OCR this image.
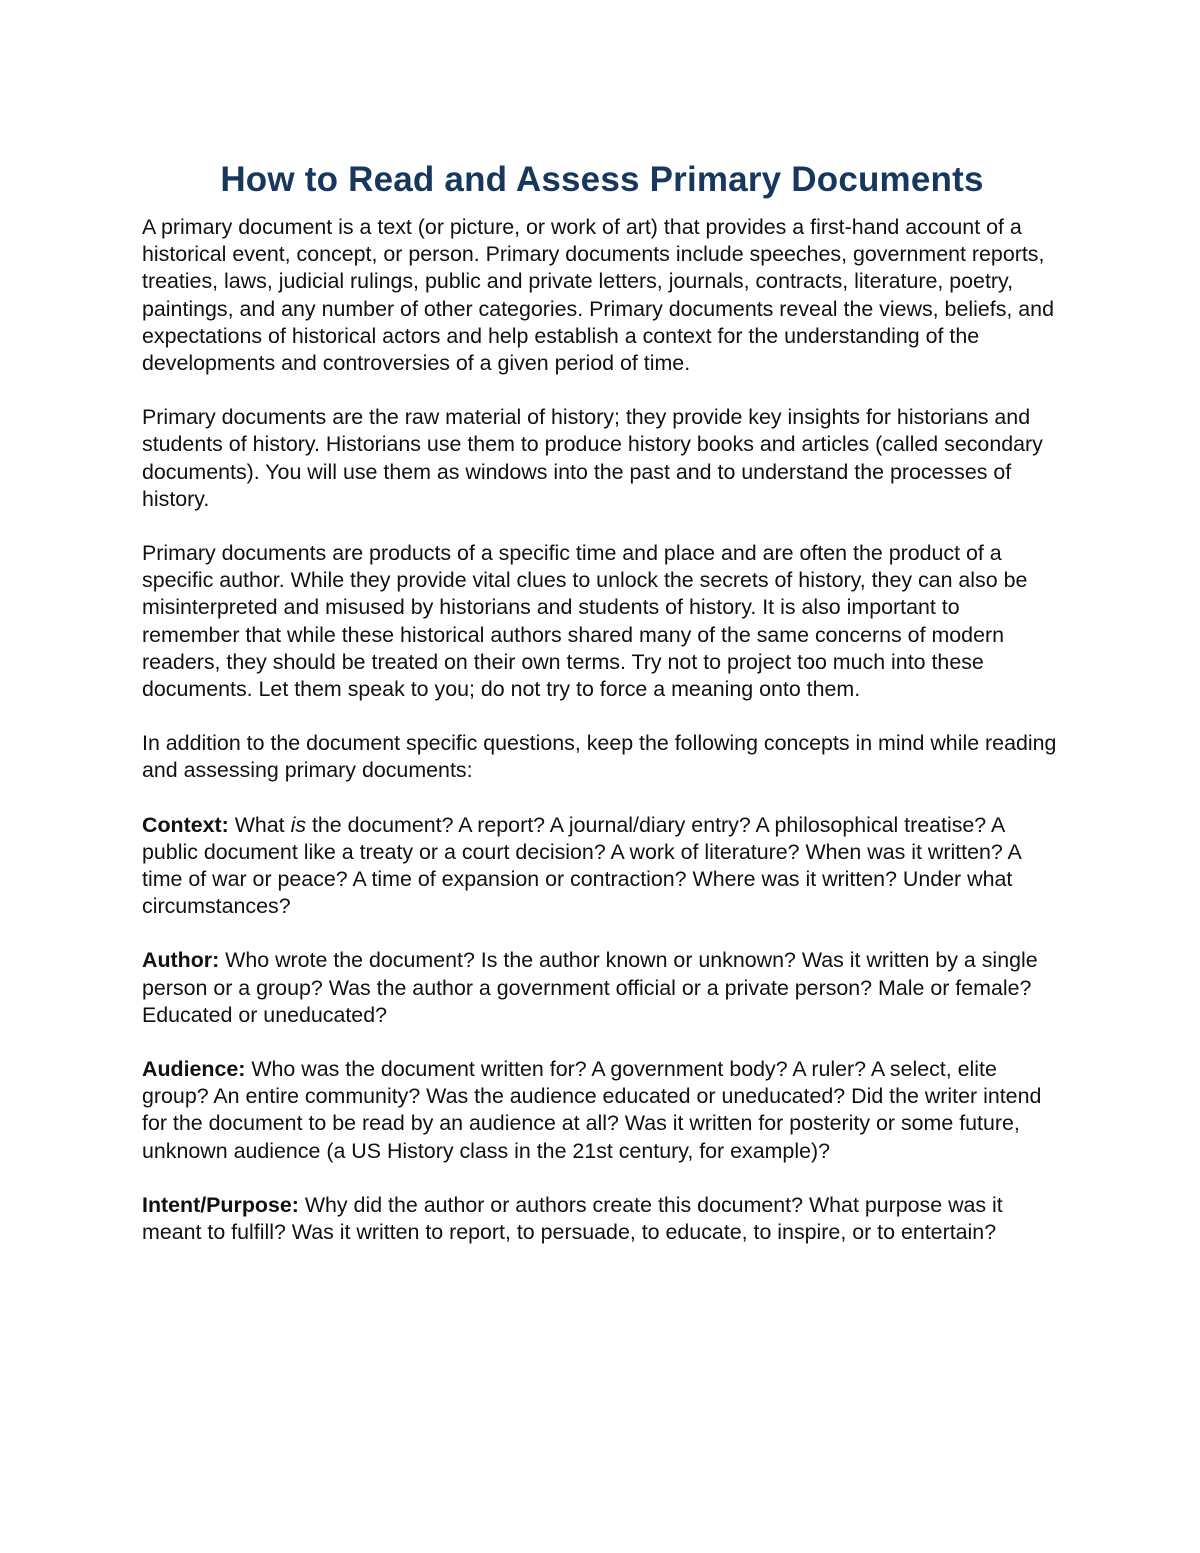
How to Read and Assess Primary Documents

A primary document is a text (or picture, or work of art) that provides a first-hand account of a historical event, concept, or person. Primary documents include speeches, government reports, treaties, laws, judicial rulings, public and private letters, journals, contracts, literature, poetry, paintings, and any number of other categories. Primary documents reveal the views, beliefs, and expectations of historical actors and help establish a context for the understanding of the developments and controversies of a given period of time.

Primary documents are the raw material of history; they provide key insights for historians and students of history. Historians use them to produce history books and articles (called secondary documents). You will use them as windows into the past and to understand the processes of history.

Primary documents are products of a specific time and place and are often the product of a specific author. While they provide vital clues to unlock the secrets of history, they can also be misinterpreted and misused by historians and students of history. It is also important to remember that while these historical authors shared many of the same concerns of modern readers, they should be treated on their own terms. Try not to project too much into these documents. Let them speak to you; do not try to force a meaning onto them.

In addition to the document specific questions, keep the following concepts in mind while reading and assessing primary documents:

Context: What is the document? A report? A journal/diary entry? A philosophical treatise? A public document like a treaty or a court decision? A work of literature? When was it written? A time of war or peace? A time of expansion or contraction? Where was it written? Under what circumstances?

Author: Who wrote the document? Is the author known or unknown? Was it written by a single person or a group? Was the author a government official or a private person? Male or female? Educated or uneducated?

Audience: Who was the document written for? A government body? A ruler? A select, elite group? An entire community? Was the audience educated or uneducated? Did the writer intend for the document to be read by an audience at all? Was it written for posterity or some future, unknown audience (a US History class in the 21st century, for example)?

Intent/Purpose: Why did the author or authors create this document? What purpose was it meant to fulfill? Was it written to report, to persuade, to educate, to inspire, or to entertain?
